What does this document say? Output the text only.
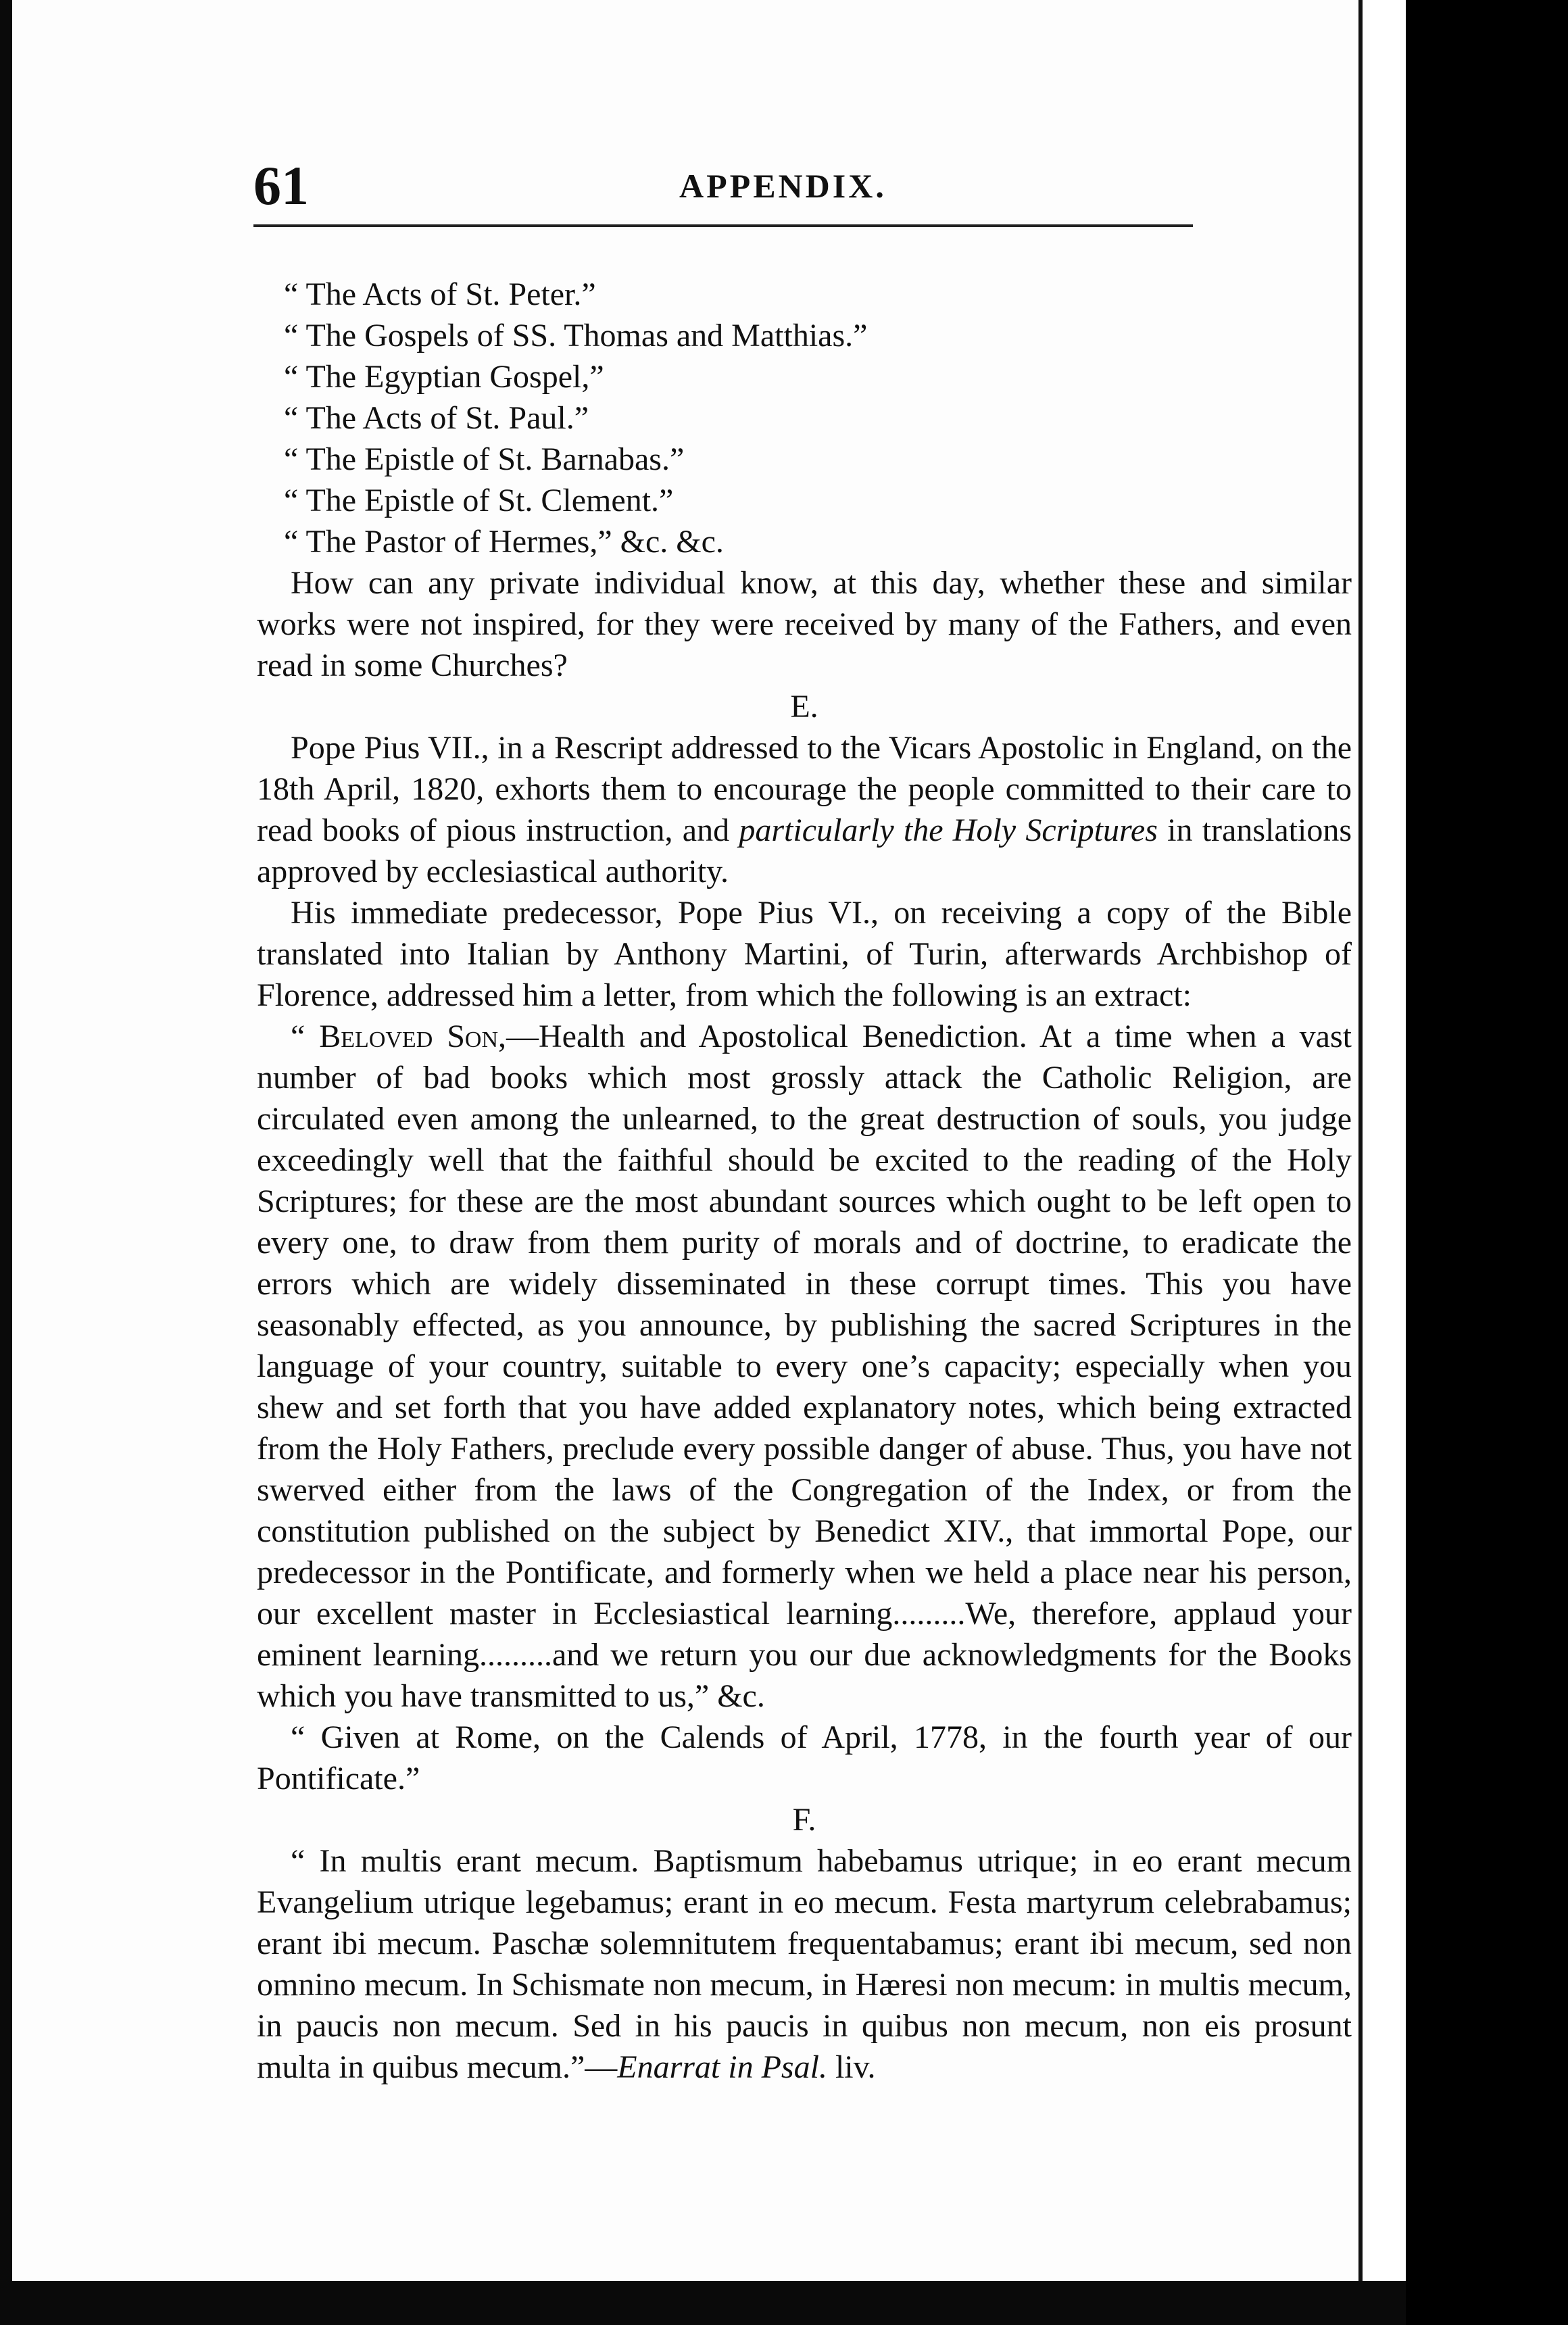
61	APPENDIX.

“ The Acts of St. Peter.”

“ The Gospels of SS. Thomas and Matthias.”

“ The Egyptian Gospel,”

“ The Acts of St. Paul.”

“ The Epistle of St. Barnabas.”

“ The Epistle of St. Clement.”

“ The Pastor of Hermes,” &c. &c.

How can any private individual know, at this day, whether these and similar works were not inspired, for they were received by many of the Fathers, and even read in some Churches?

E.

Pope Pius VII., in a Rescript addressed to the Vicars Apostolic in England, on the 18th April, 1820, exhorts them to encourage the people committed to their care to read books of pious instruction, and particularly the Holy Scriptures in translations approved by ecclesiastical authority.

His immediate predecessor, Pope Pius VI., on receiving a copy of the Bible translated into Italian by Anthony Martini, of Turin, afterwards Archbishop of Florence, addressed him a letter, from which the following is an extract:

“ Beloved Son,—Health and Apostolical Benediction. At a time when a vast number of bad books which most grossly attack the Catholic Religion, are circulated even among the unlearned, to the great destruction of souls, you judge exceedingly well that the faithful should be excited to the reading of the Holy Scriptures; for these are the most abundant sources which ought to be left open to every one, to draw from them purity of morals and of doctrine, to eradicate the errors which are widely disseminated in these corrupt times. This you have seasonably effected, as you announce, by publishing the sacred Scriptures in the language of your country, suitable to every one’s capacity; especially when you shew and set forth that you have added explanatory notes, which being extracted from the Holy Fathers, preclude every possible danger of abuse. Thus, you have not swerved either from the laws of the Congregation of the Index, or from the constitution published on the subject by Benedict XIV., that immortal Pope, our predecessor in the Pontificate, and formerly when we held a place near his person, our excellent master in Ecclesiastical learning.........We, therefore, applaud your eminent learning.........and we return you our due acknowledgments for the Books which you have transmitted to us,” &c.

“ Given at Rome, on the Calends of April, 1778, in the fourth year of our Pontificate.”

F.

“ In multis erant mecum. Baptismum habebamus utrique; in eo erant mecum Evangelium utrique legebamus; erant in eo mecum. Festa martyrum celebrabamus; erant ibi mecum. Paschæ solemnitutem frequentabamus; erant ibi mecum, sed non omnino mecum. In Schismate non mecum, in Hæresi non mecum: in multis mecum, in paucis non mecum. Sed in his paucis in quibus non mecum, non eis prosunt multa in quibus mecum.”—Enarrat in Psal. liv.
